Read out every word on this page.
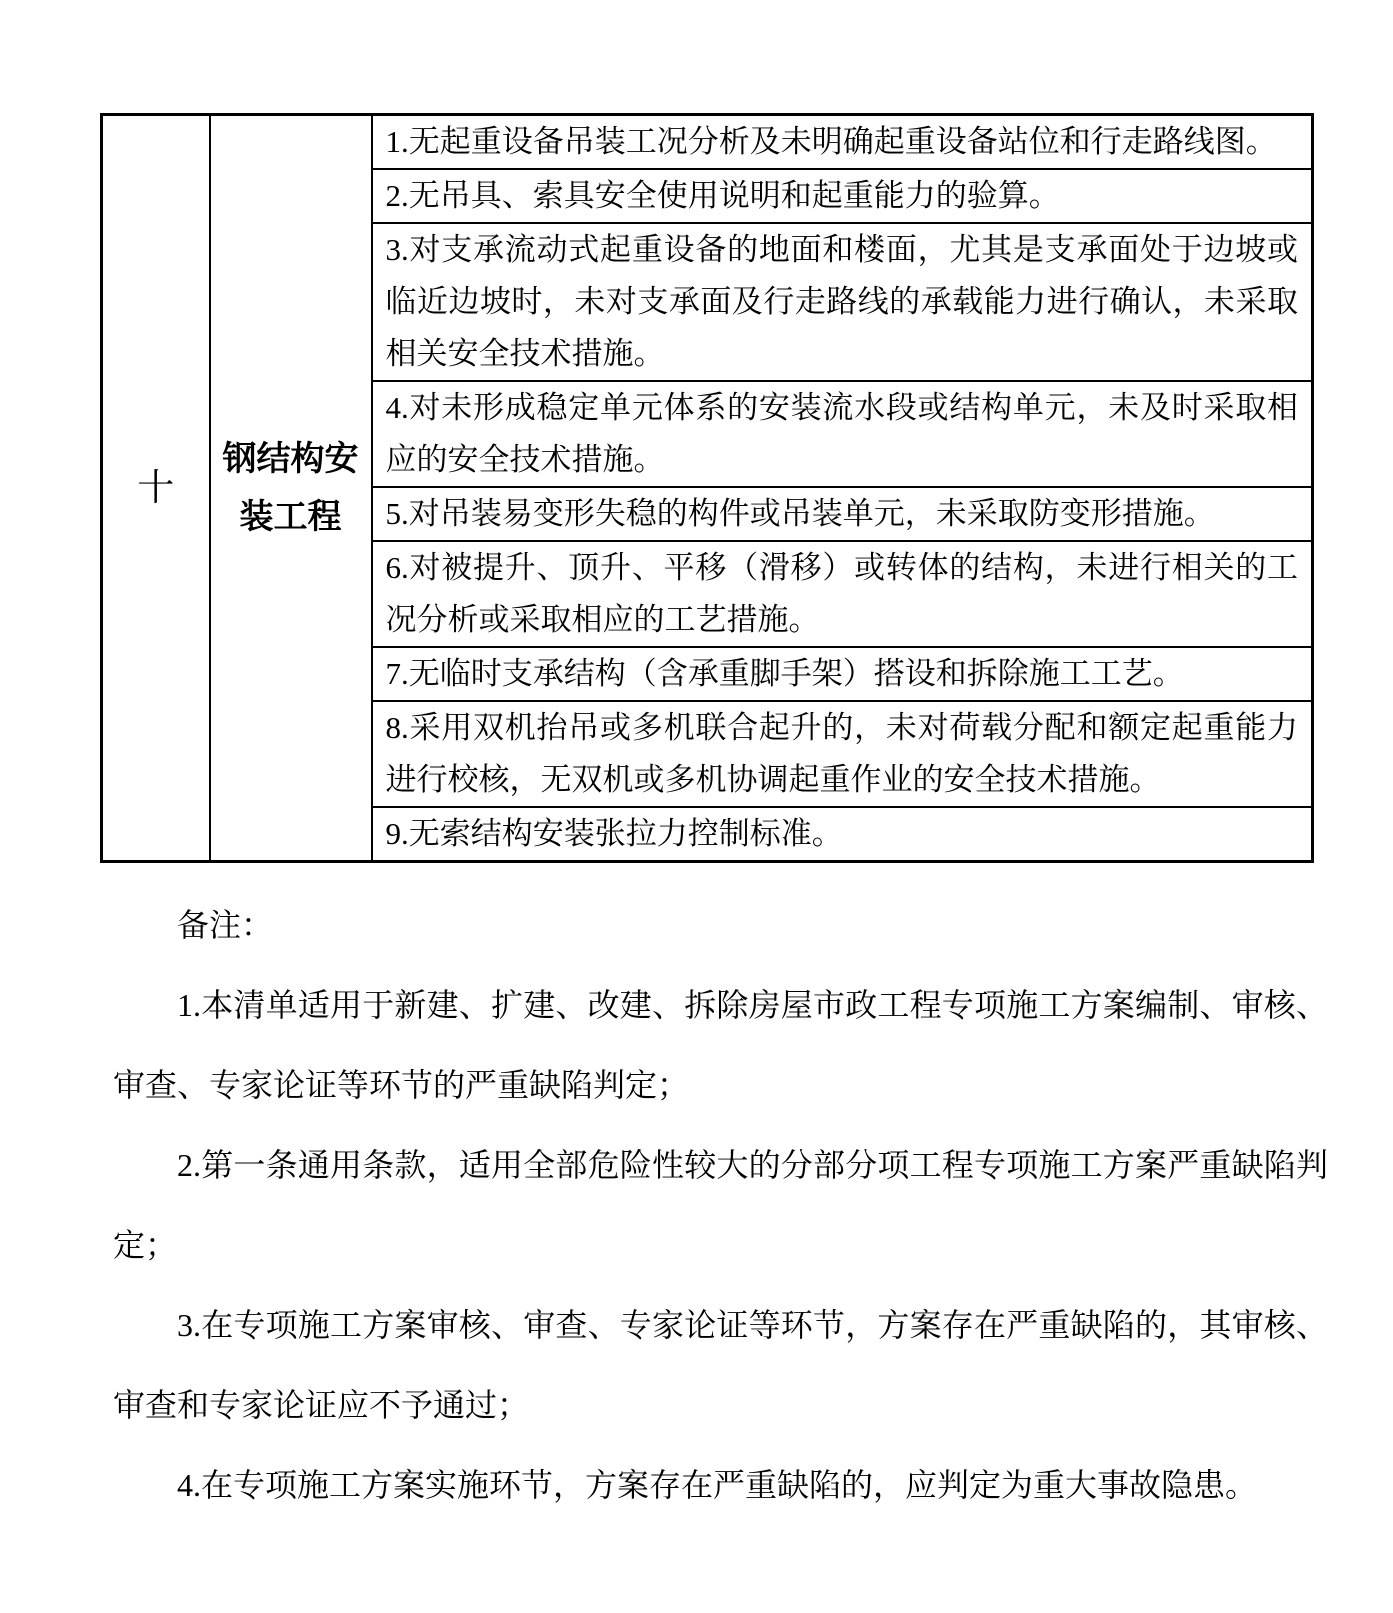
十	钢结构安装工程	1.无起重设备吊装工况分析及未明确起重设备站位和行走路线图。
2.无吊具、索具安全使用说明和起重能力的验算。
3.对支承流动式起重设备的地面和楼面，尤其是支承面处于边坡或临近边坡时，未对支承面及行走路线的承载能力进行确认，未采取相关安全技术措施。
4.对未形成稳定单元体系的安装流水段或结构单元，未及时采取相应的安全技术措施。
5.对吊装易变形失稳的构件或吊装单元，未采取防变形措施。
6.对被提升、顶升、平移（滑移）或转体的结构，未进行相关的工况分析或采取相应的工艺措施。
7.无临时支承结构（含承重脚手架）搭设和拆除施工工艺。
8.采用双机抬吊或多机联合起升的，未对荷载分配和额定起重能力进行校核，无双机或多机协调起重作业的安全技术措施。
9.无索结构安装张拉力控制标准。

备注：

1.本清单适用于新建、扩建、改建、拆除房屋市政工程专项施工方案编制、审核、审查、专家论证等环节的严重缺陷判定；

2.第一条通用条款，适用全部危险性较大的分部分项工程专项施工方案严重缺陷判定；

3.在专项施工方案审核、审查、专家论证等环节，方案存在严重缺陷的，其审核、审查和专家论证应不予通过；

4.在专项施工方案实施环节，方案存在严重缺陷的，应判定为重大事故隐患。
